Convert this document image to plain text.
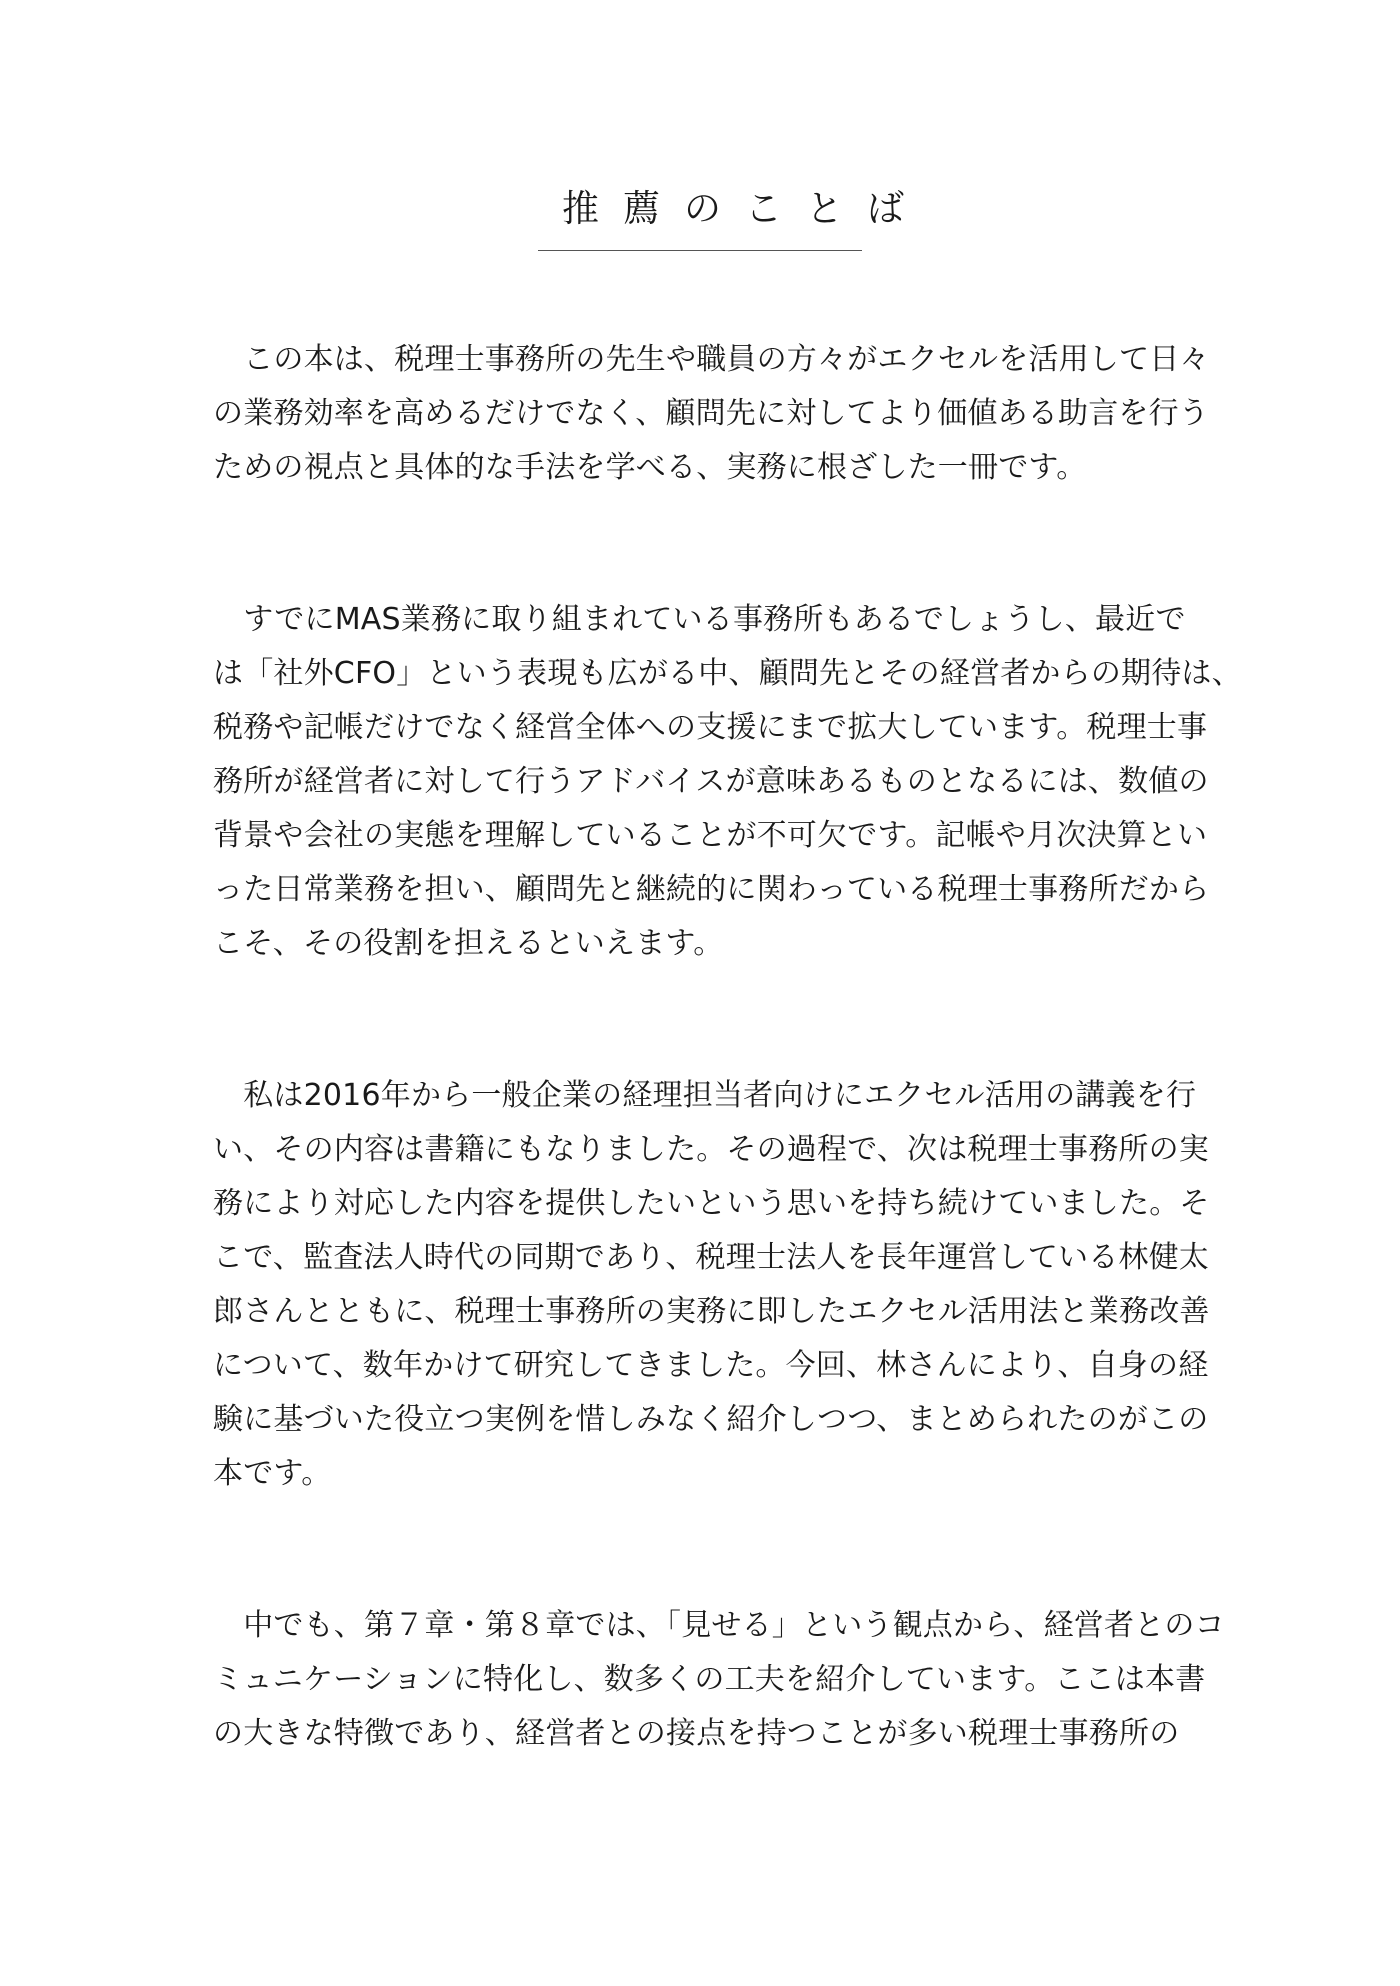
推薦のことば
　この本は、税理士事務所の先生や職員の方々がエクセルを活用して日々
の業務効率を高めるだけでなく、顧問先に対してより価値ある助言を行う
ための視点と具体的な手法を学べる、実務に根ざした一冊です。
　すでにMAS業務に取り組まれている事務所もあるでしょうし、最近で
は「社外CFO」という表現も広がる中、顧問先とその経営者からの期待は、
税務や記帳だけでなく経営全体への支援にまで拡大しています。税理士事
務所が経営者に対して行うアドバイスが意味あるものとなるには、数値の
背景や会社の実態を理解していることが不可欠です。記帳や月次決算とい
った日常業務を担い、顧問先と継続的に関わっている税理士事務所だから
こそ、その役割を担えるといえます。
　私は2016年から一般企業の経理担当者向けにエクセル活用の講義を行
い、その内容は書籍にもなりました。その過程で、次は税理士事務所の実
務により対応した内容を提供したいという思いを持ち続けていました。そ
こで、監査法人時代の同期であり、税理士法人を長年運営している林健太
郎さんとともに、税理士事務所の実務に即したエクセル活用法と業務改善
について、数年かけて研究してきました。今回、林さんにより、自身の経
験に基づいた役立つ実例を惜しみなく紹介しつつ、まとめられたのがこの
本です。
　中でも、第７章・第８章では、「見せる」という観点から、経営者とのコ
ミュニケーションに特化し、数多くの工夫を紹介しています。ここは本書
の大きな特徴であり、経営者との接点を持つことが多い税理士事務所の
